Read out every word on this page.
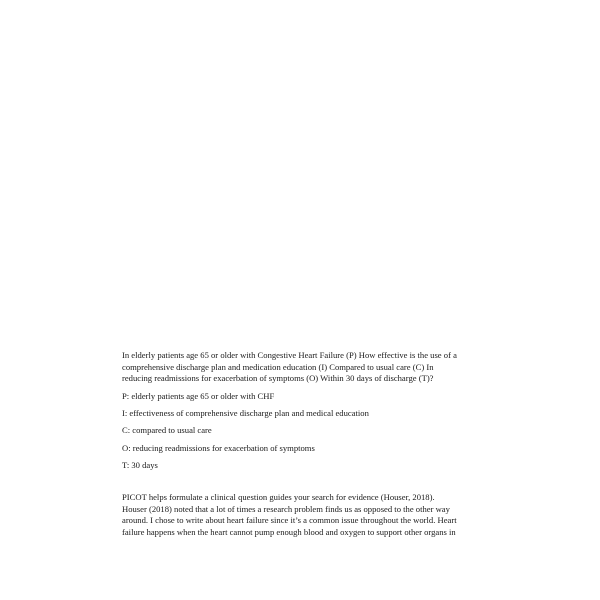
In elderly patients age 65 or older with Congestive Heart Failure (P) How effective is the use of a
comprehensive discharge plan and medication education (I) Compared to usual care (C) In
reducing readmissions for exacerbation of symptoms (O) Within 30 days of discharge (T)?
P: elderly patients age 65 or older with CHF
I: effectiveness of comprehensive discharge plan and medical education
C: compared to usual care
O: reducing readmissions for exacerbation of symptoms
T: 30 days
PICOT helps formulate a clinical question guides your search for evidence (Houser, 2018).
Houser (2018) noted that a lot of times a research problem finds us as opposed to the other way
around. I chose to write about heart failure since it’s a common issue throughout the world. Heart
failure happens when the heart cannot pump enough blood and oxygen to support other organs in
